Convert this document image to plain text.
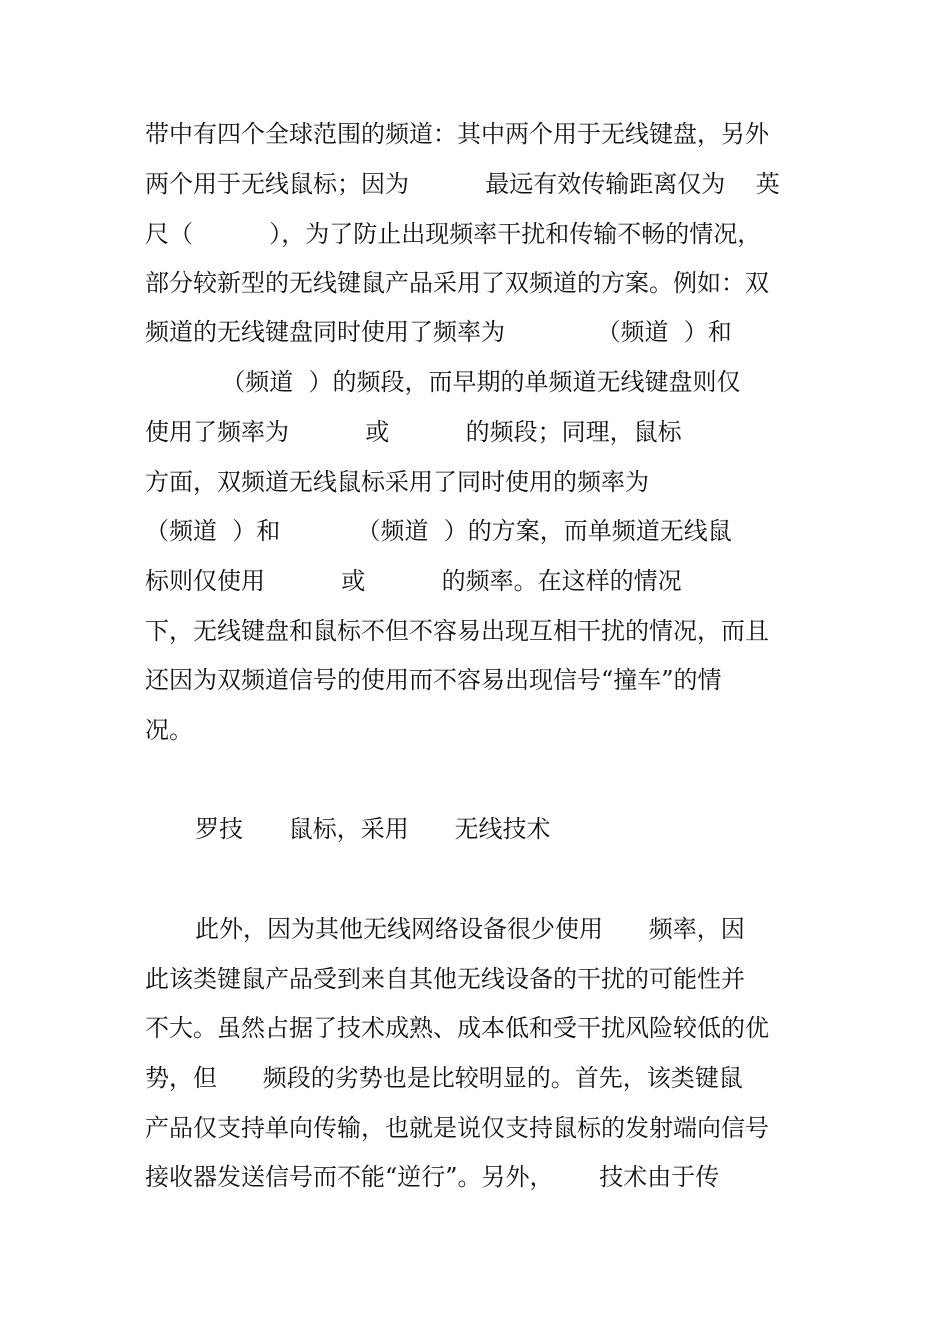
带中有四个全球范围的频道：其中两个用于无线键盘，另外
两个用于无线鼠标；因为          最远有效传输距离仅为    英
尺（          ），为了防止出现频率干扰和传输不畅的情况，
部分较新型的无线键鼠产品采用了双频道的方案。例如：双
频道的无线键盘同时使用了频率为            （频道  ）和
（频道  ）的频段，而早期的单频道无线键盘则仅
使用了频率为          或          的频段；同理，鼠标
方面，双频道无线鼠标采用了同时使用的频率为
（频道  ）和          （频道  ）的方案，而单频道无线鼠
标则仅使用          或          的频率。在这样的情况
下，无线键盘和鼠标不但不容易出现互相干扰的情况，而且
还因为双频道信号的使用而不容易出现信号“撞车”的情
况。
罗技      鼠标，采用      无线技术
此外，因为其他无线网络设备很少使用      频率，因
此该类键鼠产品受到来自其他无线设备的干扰的可能性并
不大。虽然占据了技术成熟、成本低和受干扰风险较低的优
势，但      频段的劣势也是比较明显的。首先，该类键鼠
产品仅支持单向传输，也就是说仅支持鼠标的发射端向信号
接收器发送信号而不能“逆行”。另外，      技术由于传
